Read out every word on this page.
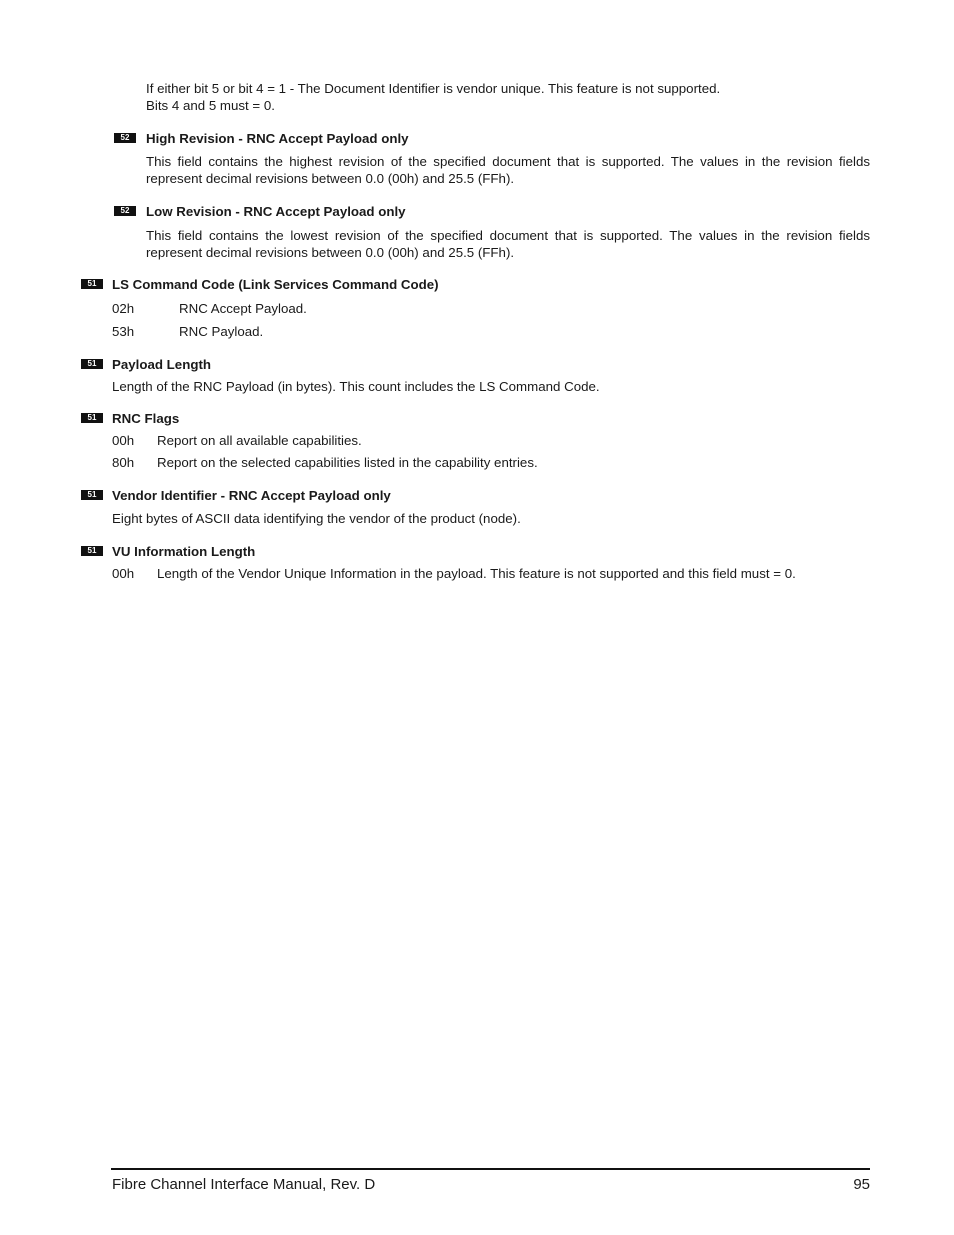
If either bit 5 or bit 4 = 1 - The Document Identifier is vendor unique. This feature is not supported.
Bits 4 and 5 must = 0.
52	High Revision - RNC Accept Payload only
This field contains the highest revision of the specified document that is supported. The values in the revision fields represent decimal revisions between 0.0 (00h) and 25.5 (FFh).
52	Low Revision - RNC Accept Payload only
This field contains the lowest revision of the specified document that is supported. The values in the revision fields represent decimal revisions between 0.0 (00h) and 25.5 (FFh).
51	LS Command Code (Link Services Command Code)
02h	RNC Accept Payload.
53h	RNC Payload.
51	Payload Length
Length of the RNC Payload (in bytes). This count includes the LS Command Code.
51	RNC Flags
00h Report on all available capabilities.
80h Report on the selected capabilities listed in the capability entries.
51	Vendor Identifier - RNC Accept Payload only
Eight bytes of ASCII data identifying the vendor of the product (node).
51	VU Information Length
00h Length of the Vendor Unique Information in the payload. This feature is not supported and this field must = 0.
Fibre Channel Interface Manual, Rev. D	95
